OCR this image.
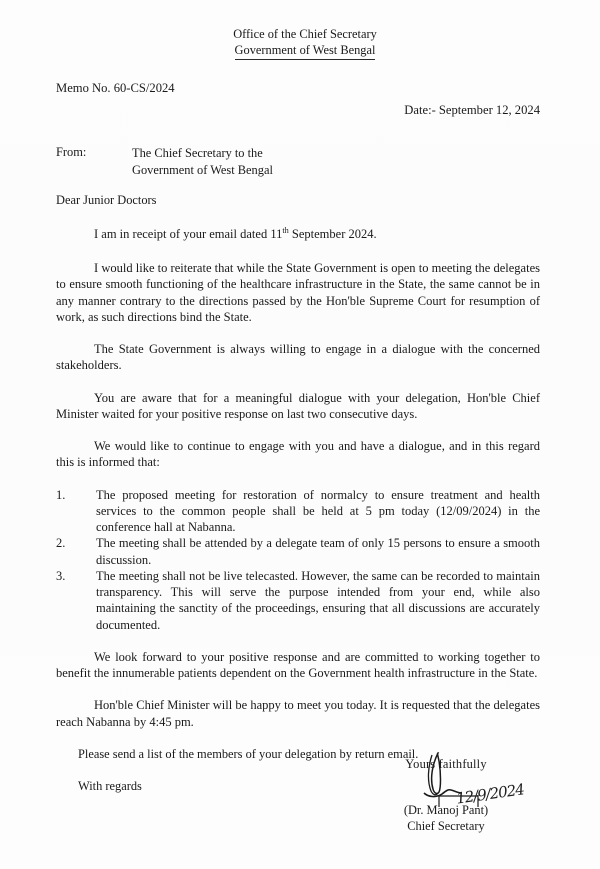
Office of the Chief Secretary
Government of West Bengal
Memo No. 60-CS/2024
Date:- September 12, 2024
From:	The Chief Secretary to the
Government of West Bengal
Dear Junior Doctors

I am in receipt of your email dated 11th September 2024.

I would like to reiterate that while the State Government is open to meeting the delegates to ensure smooth functioning of the healthcare infrastructure in the State, the same cannot be in any manner contrary to the directions passed by the Hon'ble Supreme Court for resumption of work, as such directions bind the State.

The State Government is always willing to engage in a dialogue with the concerned stakeholders.

You are aware that for a meaningful dialogue with your delegation, Hon'ble Chief Minister waited for your positive response on last two consecutive days.

We would like to continue to engage with you and have a dialogue, and in this regard this is informed that:

1.	The proposed meeting for restoration of normalcy to ensure treatment and health services to the common people shall be held at 5 pm today (12/09/2024) in the conference hall at Nabanna.

2.	The meeting shall be attended by a delegate team of only 15 persons to ensure a smooth discussion.

3.	The meeting shall not be live telecasted. However, the same can be recorded to maintain transparency. This will serve the purpose intended from your end, while also maintaining the sanctity of the proceedings, ensuring that all discussions are accurately documented.

We look forward to your positive response and are committed to working together to benefit the innumerable patients dependent on the Government health infrastructure in the State.

Hon'ble Chief Minister will be happy to meet you today. It is requested that the delegates reach Nabanna by 4:45 pm.

Please send a list of the members of your delegation by return email.

With regards

Yours faithfully
12/9/2024
(Dr. Manoj Pant)
Chief Secretary
